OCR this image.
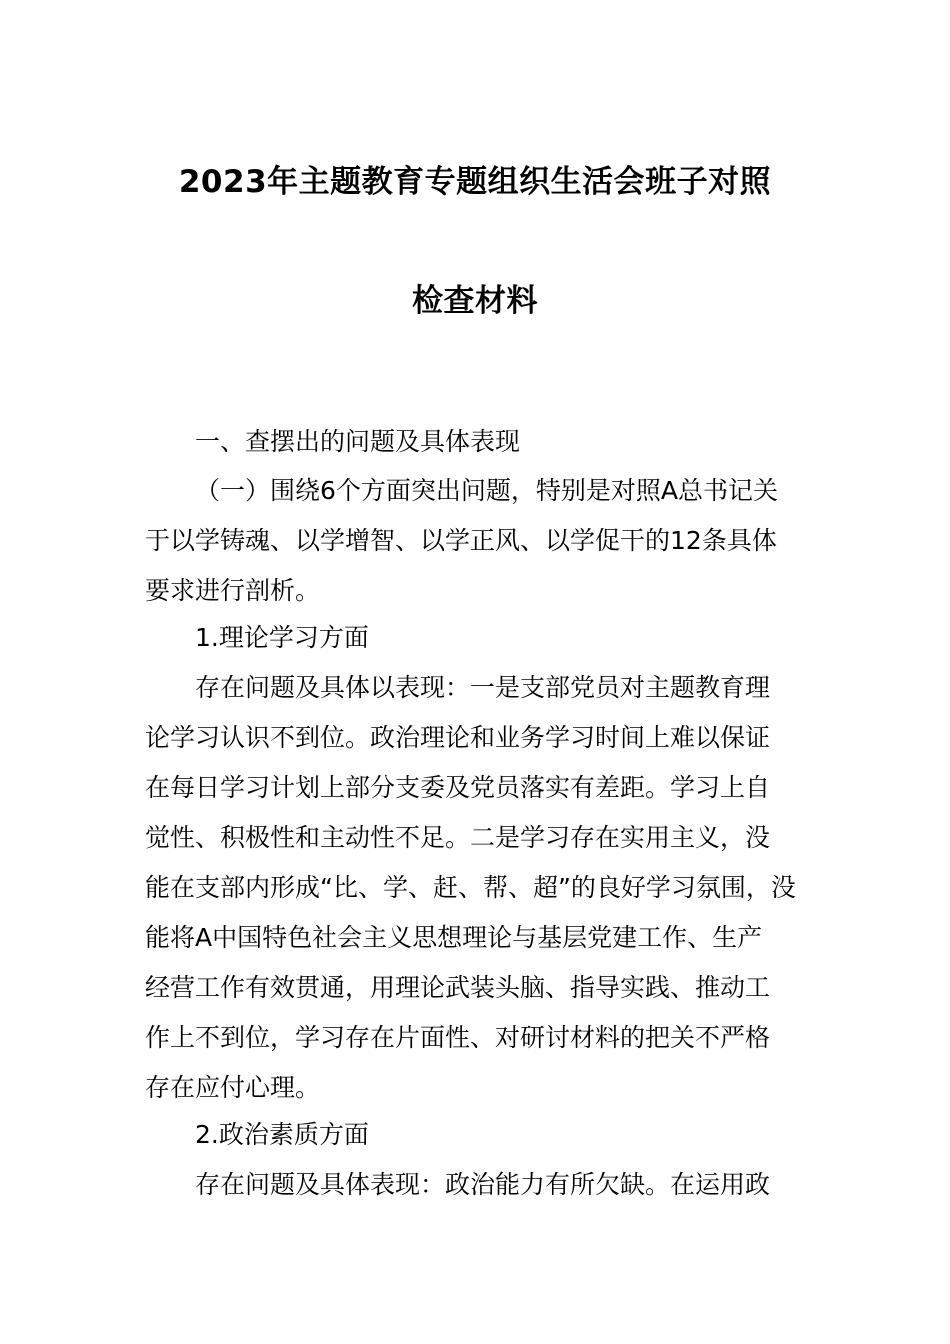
2023年主题教育专题组织生活会班子对照
检查材料
一、查摆出的问题及具体表现
（一）围绕6个方面突出问题，特别是对照A总书记关
于以学铸魂、以学增智、以学正风、以学促干的12条具体
要求进行剖析。
1.理论学习方面
存在问题及具体以表现：一是支部党员对主题教育理
论学习认识不到位。政治理论和业务学习时间上难以保证
在每日学习计划上部分支委及党员落实有差距。学习上自
觉性、积极性和主动性不足。二是学习存在实用主义，没
能在支部内形成“比、学、赶、帮、超”的良好学习氛围，没
能将A中国特色社会主义思想理论与基层党建工作、生产
经营工作有效贯通，用理论武装头脑、指导实践、推动工
作上不到位，学习存在片面性、对研讨材料的把关不严格
存在应付心理。
2.政治素质方面
存在问题及具体表现：政治能力有所欠缺。在运用政
